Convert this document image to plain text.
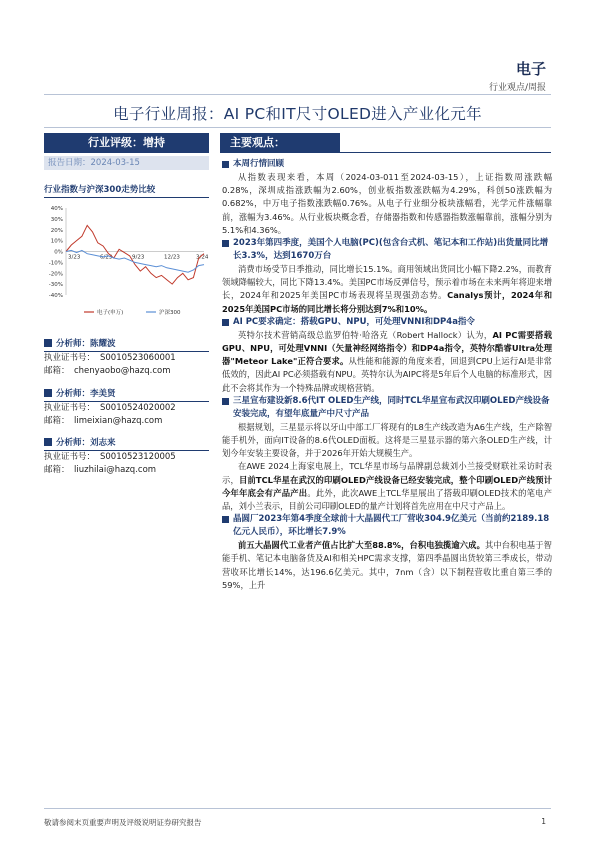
电子
行业观点/周报
电子行业周报：AI PC和IT尺寸OLED进入产业化元年
行业评级：增持
报告日期：2024-03-15
行业指数与沪深300走势比较
40%
30%
20%
10%
0%
-10%
-20%
-30%
-40%
3/23	6/23	9/23	12/23	3/24
电子(申万)	沪深300
分析师：陈耀波
执业证书号： S0010523060001
邮箱： chenyaobo@hazq.com
分析师：李美贤
执业证书号： S0010524020002
邮箱： limeixian@hazq.com
分析师：刘志来
执业证书号： S0010523120005
邮箱： liuzhilai@hazq.com
主要观点：
本周行情回顾
从指数表现来看，本周（2024-03-011至2024-03-15），上证指数周涨跌幅0.28%，深圳成指涨跌幅为2.60%，创业板指数涨跌幅为4.29%，科创50涨跌幅为0.682%，中万电子指数涨跌幅0.76%。从电子行业细分板块涨幅看，光学元件涨幅靠前，涨幅为3.46%。从行业板块概念看，存储器指数和传感器指数涨幅靠前，涨幅分别为5.1%和4.36%。
2023年第四季度，美国个人电脑(PC)(包含台式机、笔记本和工作站)出货量同比增长3.3%，达到1670万台
消费市场受节日季推动，同比增长15.1%。商用领域出货同比小幅下降2.2%，而教育领域降幅较大，同比下降13.4%。美国PC市场反弹信号，预示着市场在未来两年将迎来增长，2024年和2025年美国PC市场表现将呈现强劲态势。Canalys预计，2024年和2025年美国PC市场的同比增长将分别达到7%和10%。
AI PC要求确定：搭载GPU、NPU，可处理VNNI和DP4a指令
英特尔技术营销高级总监罗伯特·哈洛克（Robert Hallock）认为，AI PC需要搭载GPU、NPU，可处理VNNI（矢量神经网络指令）和DP4a指令，英特尔酷睿Ultra处理器"Meteor Lake"正符合要求。从性能和能源的角度来看，回退到CPU上运行AI是非常低效的，因此AI PC必须搭载有NPU。英特尔认为AIPC将是5年后个人电脑的标准形式，因此不会将其作为一个特殊品牌或规格营销。
三星宣布建设新8.6代IT OLED生产线，同时TCL华星宣布武汉印刷OLED产线设备安装完成，有望年底量产中尺寸产品
根据规划，三星显示将以牙山中部工厂将现有的L8生产线改造为A6生产线，生产除智能手机外，面向IT设备的8.6代OLED面板。这将是三星显示器的第六条OLED生产线，计划今年安装主要设备，并于2026年开始大规模生产。
在AWE 2024上海家电展上，TCL华星市场与品牌副总裁刘小兰接受财联社采访时表示，目前TCL华星在武汉的印刷OLED产线设备已经安装完成，整个印刷OLED产线预计今年年底会有产品产出。此外，此次AWE上TCL华星展出了搭载印刷OLED技术的笔电产品，刘小兰表示，目前公司印刷OLED的量产计划将首先应用在中尺寸产品上。
晶圆厂2023年第4季度全球前十大晶圆代工厂营收304.9亿美元（当前约2189.18亿元人民币），环比增长7.9%
前五大晶圆代工业者产值占比扩大至88.8%，台积电独揽逾六成。其中台积电基于智能手机、笔记本电脑备货及AI和相关HPC需求支撑，第四季晶圆出货较第三季成长，带动营收环比增长14%，达196.6亿美元。其中，7nm（含）以下制程营收比重自第三季的59%，上升
敬请参阅末页重要声明及评级说明证券研究报告	1
